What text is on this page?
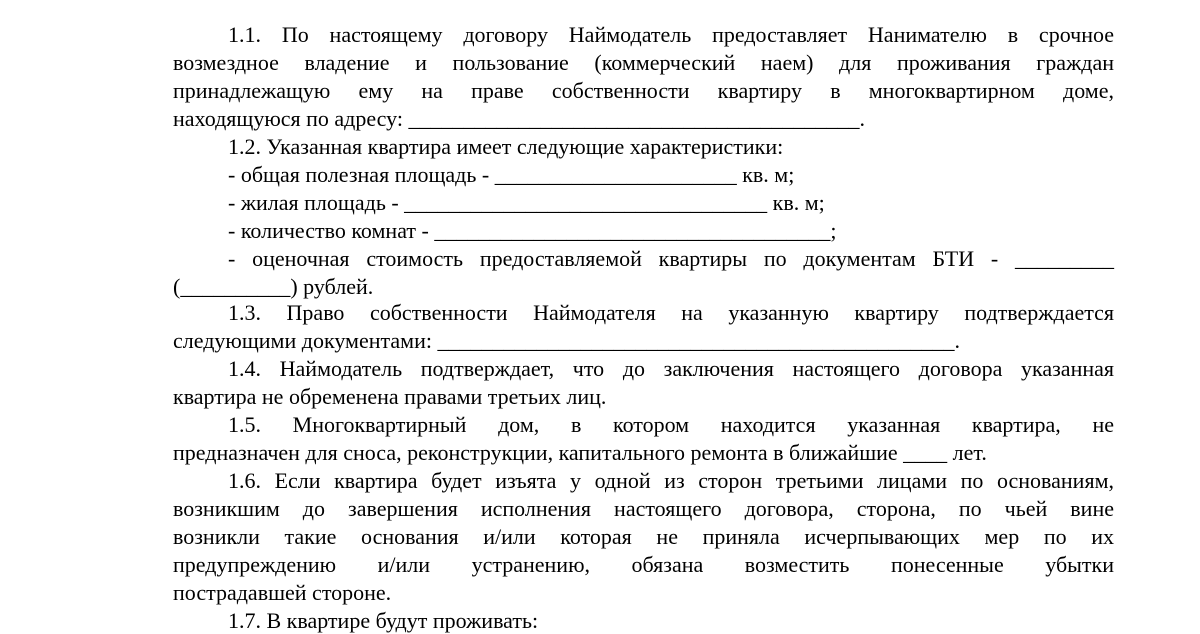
1.1. По настоящему договору Наймодатель предоставляет Нанимателю в срочное
возмездное владение и пользование (коммерческий наем) для проживания граждан
принадлежащую ему на праве собственности квартиру в многоквартирном доме,
находящуюся по адресу: _________________________________________.
1.2. Указанная квартира имеет следующие характеристики:
- общая полезная площадь - ______________________ кв. м;
- жилая площадь - _________________________________ кв. м;
- количество комнат - ____________________________________;
- оценочная стоимость предоставляемой квартиры по документам БТИ - _________
(__________) рублей.
1.3. Право собственности Наймодателя на указанную квартиру подтверждается
следующими документами: _______________________________________________.
1.4. Наймодатель подтверждает, что до заключения настоящего договора указанная
квартира не обременена правами третьих лиц.
1.5. Многоквартирный дом, в котором находится указанная квартира, не
предназначен для сноса, реконструкции, капитального ремонта в ближайшие ____ лет.
1.6. Если квартира будет изъята у одной из сторон третьими лицами по основаниям,
возникшим до завершения исполнения настоящего договора, сторона, по чьей вине
возникли такие основания и/или которая не приняла исчерпывающих мер по их
предупреждению и/или устранению, обязана возместить понесенные убытки
пострадавшей стороне.
1.7. В квартире будут проживать:
